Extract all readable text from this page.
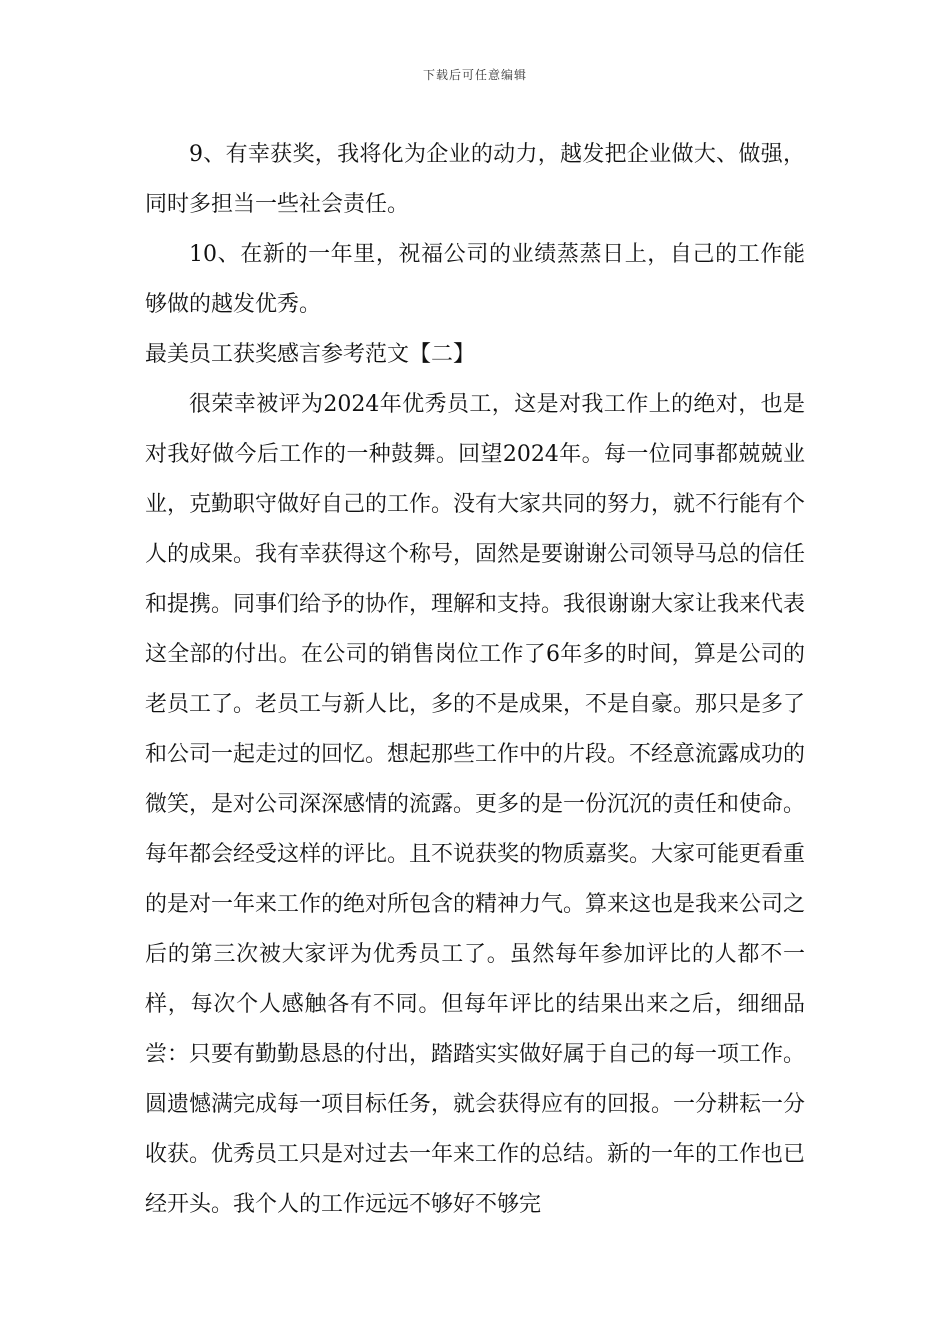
下载后可任意编辑

9、有幸获奖，我将化为企业的动力，越发把企业做大、做强，同时多担当一些社会责任。

10、在新的一年里，祝福公司的业绩蒸蒸日上，自己的工作能够做的越发优秀。

最美员工获奖感言参考范文【二】

很荣幸被评为2024年优秀员工，这是对我工作上的绝对，也是对我好做今后工作的一种鼓舞。回望2024年。每一位同事都兢兢业业，克勤职守做好自己的工作。没有大家共同的努力，就不行能有个人的成果。我有幸获得这个称号，固然是要谢谢公司领导马总的信任和提携。同事们给予的协作，理解和支持。我很谢谢大家让我来代表这全部的付出。在公司的销售岗位工作了6年多的时间，算是公司的老员工了。老员工与新人比，多的不是成果，不是自豪。那只是多了和公司一起走过的回忆。想起那些工作中的片段。不经意流露成功的微笑，是对公司深深感情的流露。更多的是一份沉沉的责任和使命。每年都会经受这样的评比。且不说获奖的物质嘉奖。大家可能更看重的是对一年来工作的绝对所包含的精神力气。算来这也是我来公司之后的第三次被大家评为优秀员工了。虽然每年参加评比的人都不一样，每次个人感触各有不同。但每年评比的结果出来之后，细细品尝：只要有勤勤恳恳的付出，踏踏实实做好属于自己的每一项工作。圆遗憾满完成每一项目标任务，就会获得应有的回报。一分耕耘一分收获。优秀员工只是对过去一年来工作的总结。新的一年的工作也已经开头。我个人的工作远远不够好不够完
